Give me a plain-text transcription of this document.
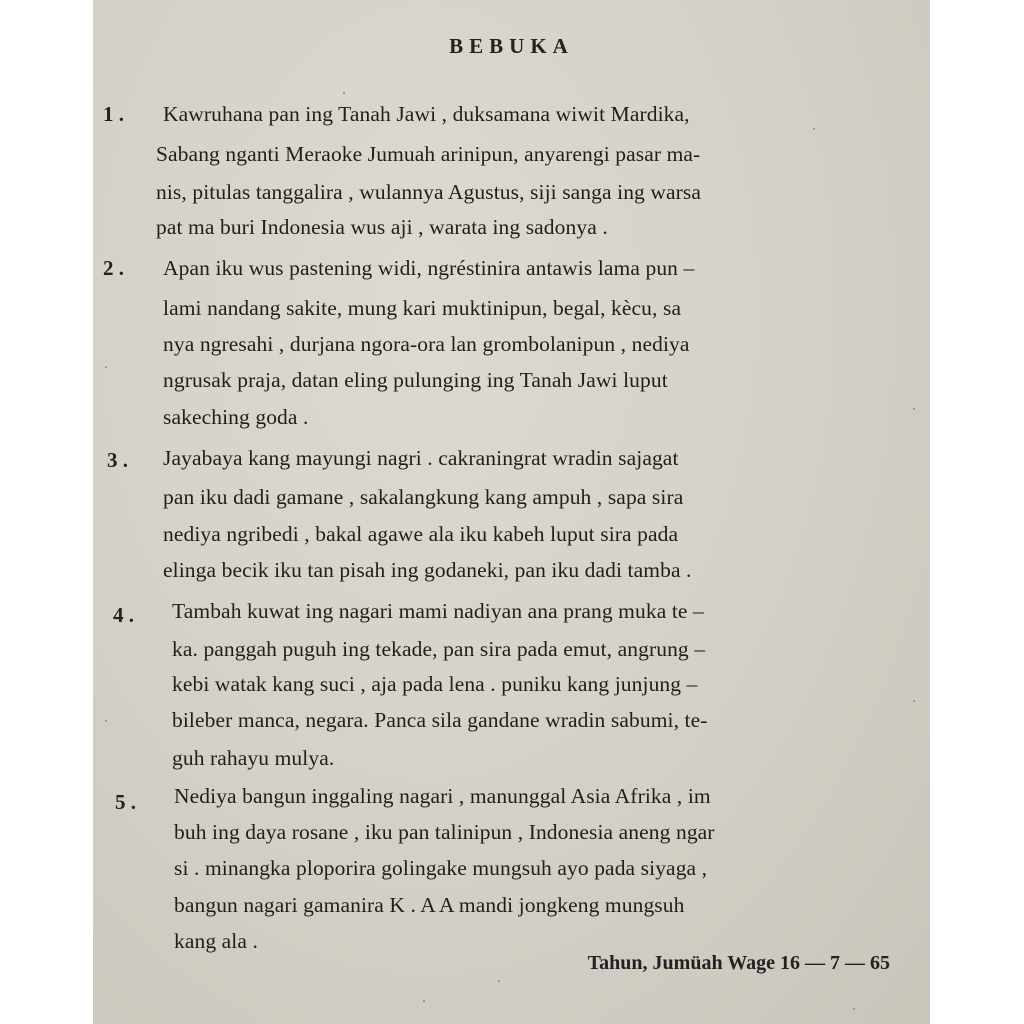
BEBUKA
1 .	Kawruhana pan ing Tanah Jawi , duksamana wiwit Mardika,
Sabang nganti Meraoke Jumuah arinipun, anyarengi pasar ma-
nis, pitulas tanggalira , wulannya Agustus, siji sanga ing warsa
pat ma buri Indonesia wus aji , warata ing sadonya .
2 .	Apan iku wus pastening widi, ngréstinira antawis lama pun –
lami nandang sakite, mung kari muktinipun, begal, kècu, sa
nya ngresahi , durjana ngora-ora lan grombolanipun , nediya
ngrusak praja, datan eling pulunging ing Tanah Jawi luput
sakeching goda .
3 .	Jayabaya kang mayungi nagri . cakraningrat wradin sajagat
pan iku dadi gamane , sakalangkung kang ampuh , sapa sira
nediya ngribedi , bakal agawe ala iku kabeh luput sira pada
elinga becik iku tan pisah ing godaneki, pan iku dadi tamba .
4 .	Tambah kuwat ing nagari mami nadiyan ana prang muka te –
ka. panggah puguh ing tekade, pan sira pada emut, angrung –
kebi watak kang suci , aja pada lena . puniku kang junjung –
bileber manca, negara. Panca sila gandane wradin sabumi, te-
guh rahayu mulya.
5 .	Nediya bangun inggaling nagari , manunggal Asia Afrika , im
buh ing daya rosane , iku pan talinipun , Indonesia aneng ngar
si . minangka ploporira golingake mungsuh ayo pada siyaga ,
bangun nagari gamanira K . A A mandi jongkeng mungsuh
kang ala .
Tahun, Jumüah Wage 16 — 7 — 65
